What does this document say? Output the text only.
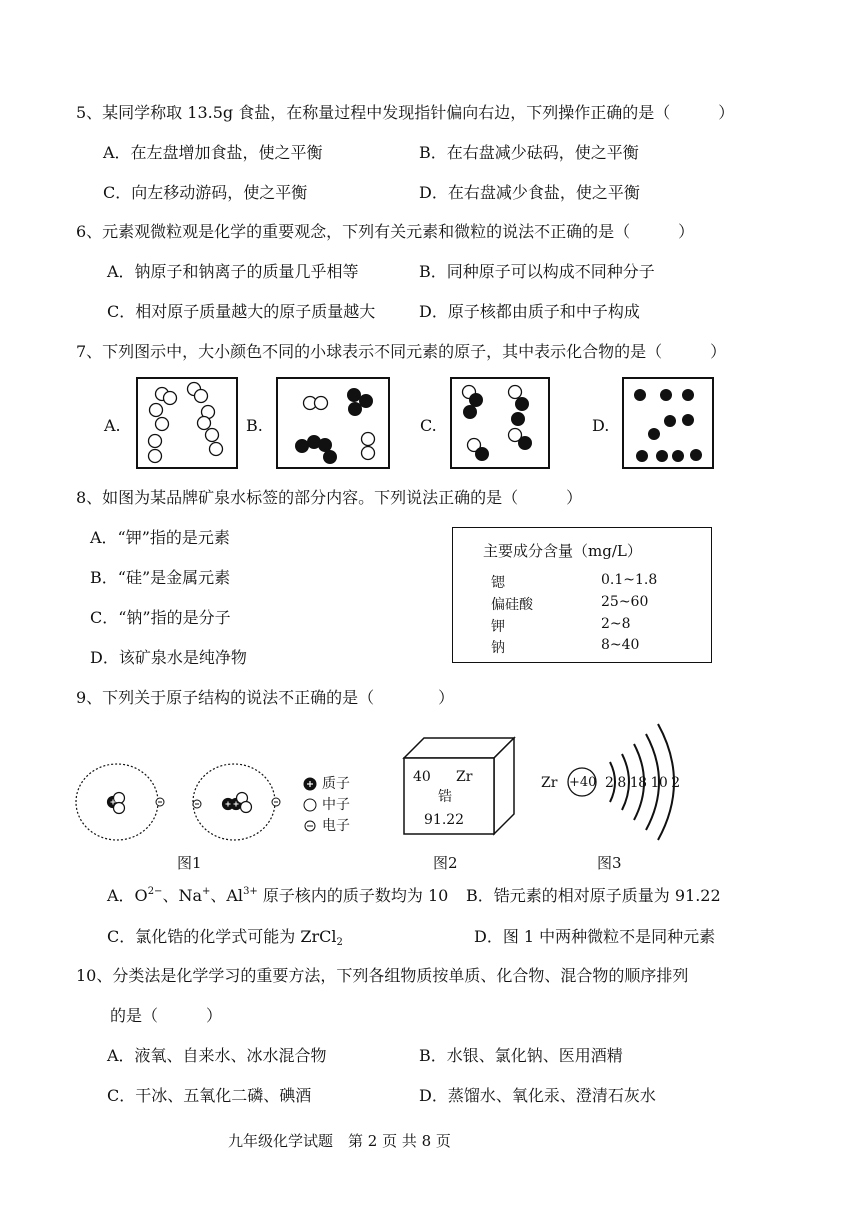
5、某同学称取 13.5g 食盐，在称量过程中发现指针偏向右边，下列操作正确的是（　　　）
A．在左盘增加食盐，使之平衡	B．在右盘减少砝码，使之平衡
C．向左移动游码，使之平衡	D．在右盘减少食盐，使之平衡
6、元素观微粒观是化学的重要观念，下列有关元素和微粒的说法不正确的是（　　　）
A．钠原子和钠离子的质量几乎相等	B．同种原子可以构成不同种分子
C．相对原子质量越大的原子质量越大	D．原子核都由质子和中子构成
7、下列图示中，大小颜色不同的小球表示不同元素的原子，其中表示化合物的是（　　　）
A.	B.	C.	D.
8、如图为某品牌矿泉水标签的部分内容。下列说法正确的是（　　　）
A．“钾”指的是元素
B．“硅”是金属元素
C．“钠”指的是分子
D．该矿泉水是纯净物
主要成分含量（mg/L）
锶	0.1~1.8
偏硅酸	25~60
钾	2~8
钠	8~40
9、下列关于原子结构的说法不正确的是（　　　　）
质子
中子
电子
图1
40 Zr
锆
91.22
图2
Zr +40 2 8 18 10 2
图3
A．$O^{2-}$、Na+、$Al^{3+}$ 原子核内的质子数均为 10 B．锆元素的相对原子质量为 91.22
C．氯化锆的化学式可能为 ZrCl$_2$	D．图 1 中两种微粒不是同种元素
10、分类法是化学学习的重要方法，下列各组物质按单质、化合物、混合物的顺序排列
的是（　　　）
A．液氧、自来水、冰水混合物	B．水银、氯化钠、医用酒精
C．干冰、五氧化二磷、碘酒	D．蒸馏水、氧化汞、澄清石灰水
九年级化学试题　第 2 页 共 8 页
